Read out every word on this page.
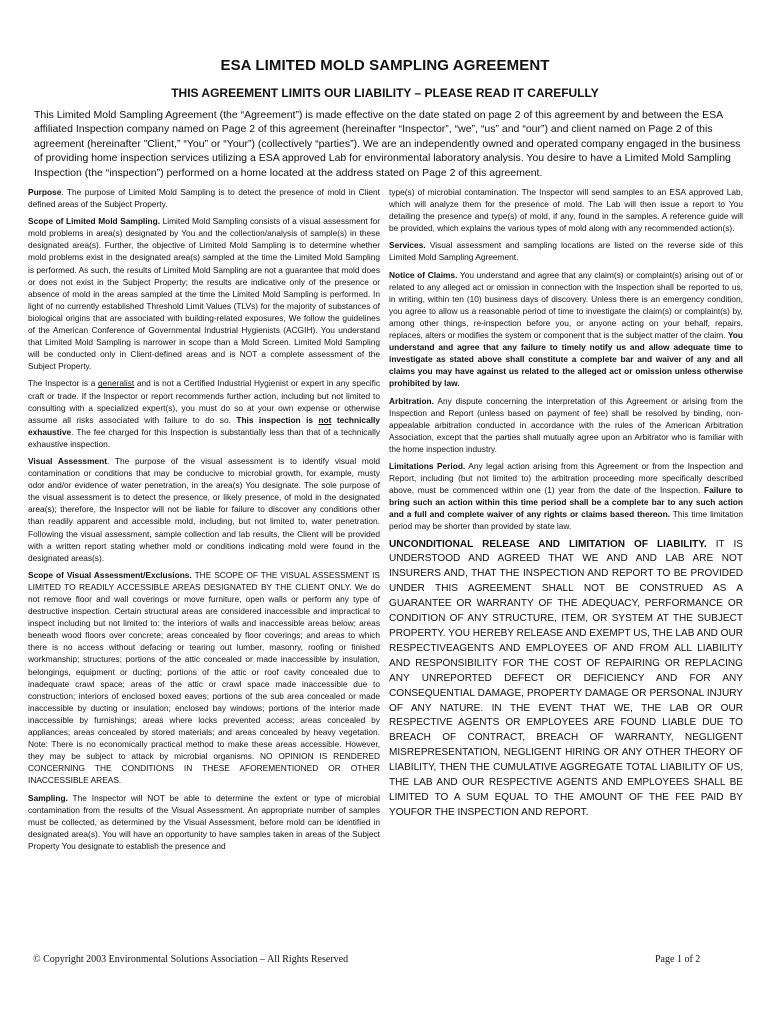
ESA LIMITED MOLD SAMPLING AGREEMENT
THIS AGREEMENT LIMITS OUR LIABILITY – PLEASE READ IT CAREFULLY

This Limited Mold Sampling Agreement (the “Agreement”) is made effective on the date stated on page 2 of this agreement by and between the ESA affiliated Inspection company named on Page 2 of this agreement (hereinafter “Inspector”, “we”, “us” and “our”) and client named on Page 2 of this agreement (hereinafter ”Client,” “You” or “Your”) (collectively “parties”). We are an independently owned and operated company engaged in the business of providing home inspection services utilizing a ESA approved Lab for environmental laboratory analysis. You desire to have a Limited Mold Sampling Inspection (the “inspection”) performed on a home located at the address stated on Page 2 of this agreement.

Purpose. The purpose of Limited Mold Sampling is to detect the presence of mold in Client defined areas of the Subject Property.

Scope of Limited Mold Sampling. Limited Mold Sampling consists of a visual assessment for mold problems in area(s) designated by You and the collection/analysis of sample(s) in these designated area(s). Further, the objective of Limited Mold Sampling is to determine whether mold problems exist in the designated area(s) sampled at the time the Limited Mold Sampling is performed. As such, the results of Limited Mold Sampling are not a guarantee that mold does or does not exist in the Subject Property; the results are indicative only of the presence or absence of mold in the areas sampled at the time the Limited Mold Sampling is performed. In light of no currently established Threshold Limit Values (TLVs) for the majority of substances of biological origins that are associated with building-related exposures, We follow the guidelines of the American Conference of Governmental Industrial Hygienists (ACGIH). You understand that Limited Mold Sampling is narrower in scope than a Mold Screen. Limited Mold Sampling will be conducted only in Client-defined areas and is NOT a complete assessment of the Subject Property.

The Inspector is a generalist and is not a Certified Industrial Hygienist or expert in any specific craft or trade. If the Inspector or report recommends further action, including but not limited to consulting with a specialized expert(s), you must do so at your own expense or otherwise assume all risks associated with failure to do so. This inspection is not technically exhaustive. The fee charged for this Inspection is substantially less than that of a technically exhaustive inspection.

Visual Assessment. The purpose of the visual assessment is to identify visual mold contamination or conditions that may be conducive to microbial growth, for example, musty odor and/or evidence of water penetration, in the area(s) You designate. The sole purpose of the visual assessment is to detect the presence, or likely presence, of mold in the designated area(s); therefore, the Inspector will not be liable for failure to discover any conditions other than readily apparent and accessible mold, including, but not limited to, water penetration. Following the visual assessment, sample collection and lab results, the Client will be provided with a written report stating whether mold or conditions indicating mold were found in the designated areas(s).

Scope of Visual Assessment/Exclusions. THE SCOPE OF THE VISUAL ASSESSMENT IS LIMITED TO READILY ACCESSIBLE AREAS DESIGNATED BY THE CLIENT ONLY. We do not remove floor and wall coverings or move furniture, open walls or perform any type of destructive inspection. Certain structural areas are considered inaccessible and impractical to inspect including but not limited to: the interiors of walls and inaccessible areas below; areas beneath wood floors over concrete; areas concealed by floor coverings; and areas to which there is no access without defacing or tearing out lumber, masonry, roofing or finished workmanship; structures; portions of the attic concealed or made inaccessible by insulation, belongings, equipment or ducting; portions of the attic or roof cavity concealed due to inadequate crawl space; areas of the attic or crawl space made inaccessible due to construction; interiors of enclosed boxed eaves; portions of the sub area concealed or made inaccessible by ducting or insulation; enclosed bay windows; portions of the interior made inaccessible by furnishings; areas where locks prevented access; areas concealed by appliances; areas concealed by stored materials; and areas concealed by heavy vegetation. Note: There is no economically practical method to make these areas accessible. However, they may be subject to attack by microbial organisms. NO OPINION IS RENDERED CONCERNING THE CONDITIONS IN THESE AFOREMENTIONED OR OTHER INACCESSIBLE AREAS.

Sampling. The Inspector will NOT be able to determine the extent or type of microbial contamination from the results of the Visual Assessment. An appropriate number of samples must be collected, as determined by the Visual Assessment, before mold can be identified in designated area(s). You will have an opportunity to have samples taken in areas of the Subject Property You designate to establish the presence and

type(s) of microbial contamination. The Inspector will send samples to an ESA approved Lab, which will analyze them for the presence of mold. The Lab will then issue a report to You detailing the presence and type(s) of mold, if any, found in the samples. A reference guide will be provided, which explains the various types of mold along with any recommended action(s).

Services. Visual assessment and sampling locations are listed on the reverse side of this Limited Mold Sampling Agreement.

Notice of Claims. You understand and agree that any claim(s) or complaint(s) arising out of or related to any alleged act or omission in connection with the Inspection shall be reported to us, in writing, within ten (10) business days of discovery. Unless there is an emergency condition, you agree to allow us a reasonable period of time to investigate the claim(s) or complaint(s) by, among other things, re-inspection before you, or anyone acting on your behalf, repairs, replaces, alters or modifies the system or component that is the subject matter of the claim. You understand and agree that any failure to timely notify us and allow adequate time to investigate as stated above shall constitute a complete bar and waiver of any and all claims you may have against us related to the alleged act or omission unless otherwise prohibited by law.

Arbitration. Any dispute concerning the interpretation of this Agreement or arising from the Inspection and Report (unless based on payment of fee) shall be resolved by binding, non-appealable arbitration conducted in accordance with the rules of the American Arbitration Association, except that the parties shall mutually agree upon an Arbitrator who is familiar with the home inspection industry.

Limitations Period. Any legal action arising from this Agreement or from the Inspection and Report, including (but not limited to) the arbitration proceeding more specifically described above, must be commenced within one (1) year from the date of the Inspection. Failure to bring such an action within this time period shall be a complete bar to any such action and a full and complete waiver of any rights or claims based thereon. This time limitation period may be shorter than provided by state law.

UNCONDITIONAL RELEASE AND LIMITATION OF LIABILITY. IT IS UNDERSTOOD AND AGREED THAT WE AND AND LAB ARE NOT INSURERS AND, THAT THE INSPECTION AND REPORT TO BE PROVIDED UNDER THIS AGREEMENT SHALL NOT BE CONSTRUED AS A GUARANTEE OR WARRANTY OF THE ADEQUACY, PERFORMANCE OR CONDITION OF ANY STRUCTURE, ITEM, OR SYSTEM AT THE SUBJECT PROPERTY. YOU HEREBY RELEASE AND EXEMPT US, THE LAB AND OUR RESPECTIVEAGENTS AND EMPLOYEES OF AND FROM ALL LIABILITY AND RESPONSIBILITY FOR THE COST OF REPAIRING OR REPLACING ANY UNREPORTED DEFECT OR DEFICIENCY AND FOR ANY CONSEQUENTIAL DAMAGE, PROPERTY DAMAGE OR PERSONAL INJURY OF ANY NATURE. IN THE EVENT THAT WE, THE LAB OR OUR RESPECTIVE AGENTS OR EMPLOYEES ARE FOUND LIABLE DUE TO BREACH OF CONTRACT, BREACH OF WARRANTY, NEGLIGENT MISREPRESENTATION, NEGLIGENT HIRING OR ANY OTHER THEORY OF LIABILITY, THEN THE CUMULATIVE AGGREGATE TOTAL LIABILITY OF US, THE LAB AND OUR RESPECTIVE AGENTS AND EMPLOYEES SHALL BE LIMITED TO A SUM EQUAL TO THE AMOUNT OF THE FEE PAID BY YOUFOR THE INSPECTION AND REPORT.

© Copyright 2003 Environmental Solutions Association – All Rights Reserved	Page 1 of 2
